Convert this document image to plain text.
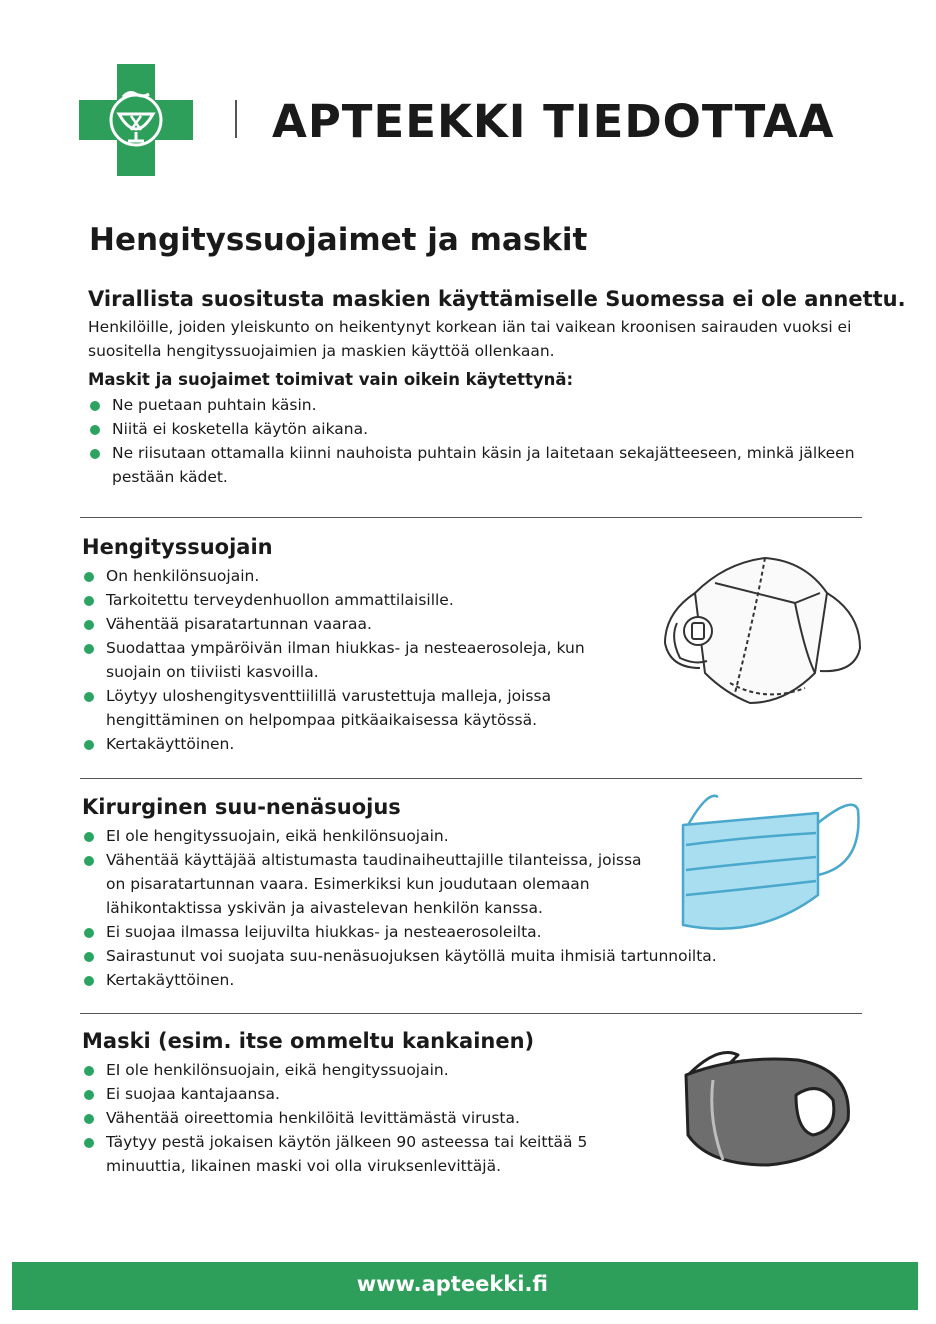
APTEEKKI TIEDOTTAA
Hengityssuojaimet ja maskit
Virallista suositusta maskien käyttämiselle Suomessa ei ole annettu.
Henkilöille, joiden yleiskunto on heikentynyt korkean iän tai vaikean kroonisen sairauden vuoksi ei suositella hengityssuojaimien ja maskien käyttöä ollenkaan.
Maskit ja suojaimet toimivat vain oikein käytettynä:
Ne puetaan puhtain käsin.
Niitä ei kosketella käytön aikana.
Ne riisutaan ottamalla kiinni nauhoista puhtain käsin ja laitetaan sekajätteeseen, minkä jälkeen pestään kädet.
Hengityssuojain
On henkilönsuojain.
Tarkoitettu terveydenhuollon ammattilaisille.
Vähentää pisaratartunnan vaaraa.
Suodattaa ympäröivän ilman hiukkas- ja nesteaerosoleja, kun suojain on tiiviisti kasvoilla.
Löytyy uloshengitysventtiilillä varustettuja malleja, joissa hengittäminen on helpompaa pitkäaikaisessa käytössä.
Kertakäyttöinen.
Kirurginen suu-nenäsuojus
EI ole hengityssuojain, eikä henkilönsuojain.
Vähentää käyttäjää altistumasta taudinaiheuttajille tilanteissa, joissa on pisaratartunnan vaara. Esimerkiksi kun joudutaan olemaan lähikontaktissa yskivän ja aivastelevan henkilön kanssa.
Ei suojaa ilmassa leijuvilta hiukkas- ja nesteaerosoleilta.
Sairastunut voi suojata suu-nenäsuojuksen käytöllä muita ihmisiä tartunnoilta.
Kertakäyttöinen.
Maski (esim. itse ommeltu kankainen)
EI ole henkilönsuojain, eikä hengityssuojain.
Ei suojaa kantajaansa.
Vähentää oireettomia henkilöitä levittämästä virusta.
Täytyy pestä jokaisen käytön jälkeen 90 asteessa tai keittää 5 minuuttia, likainen maski voi olla viruksenlevittäjä.
www.apteekki.fi
